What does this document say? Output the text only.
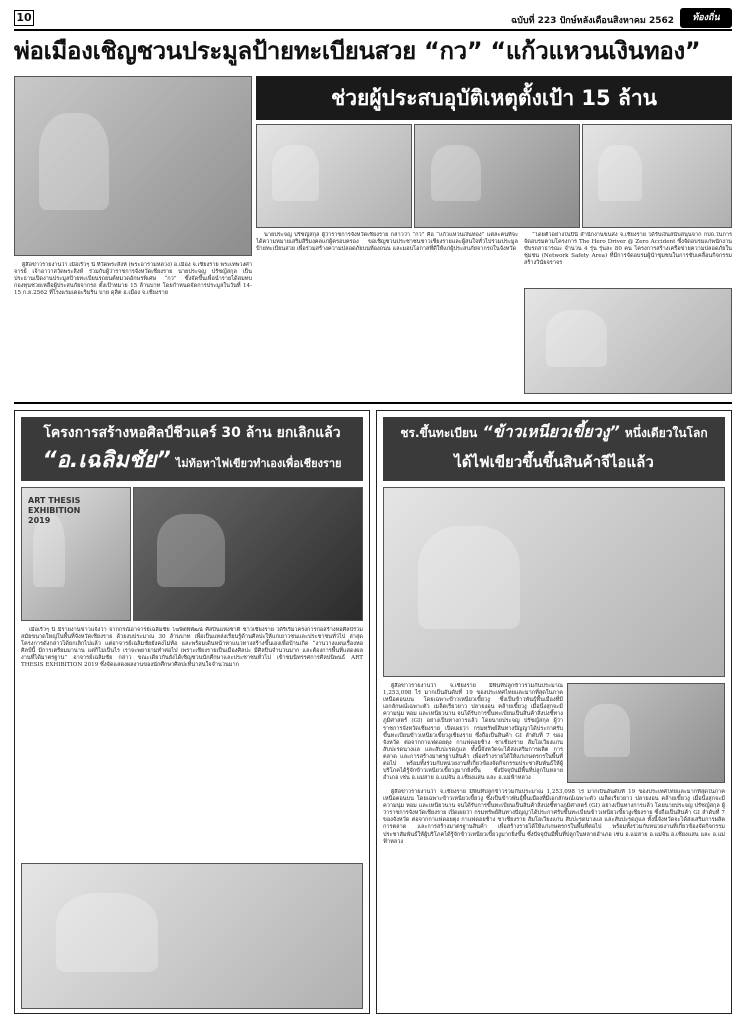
10	ฉบับที่ 223 ปักษ์หลังเดือนสิงหาคม 2562	ท้องถิ่น
พ่อเมืองเชิญชวนประมูลป้ายทะเบียนสวย “กว” “แก้วแหวนเงินทอง”
ช่วยผู้ประสบอุบัติเหตุตั้งเป้า 15 ล้าน

ผู้สื่อข่าวรายงานว่า เมื่อเร็วๆ นี้ ที่วัดพระสิงห์ (พระอารามหลวง) อ.เมือง จ.เชียงราย พระเทพวงศาจารย์ เจ้าอาวาสวัดพระสิงห์ ร่วมกับผู้ว่าราชการจังหวัดเชียงราย นายประจญ ปรัชญ์สกุล เป็นประธานเปิดงานประมูลป้ายทะเบียนรถยนต์หมวดอักษรพิเศษ “กว” ซึ่งจัดขึ้นเพื่อนำรายได้สมทบกองทุนช่วยเหลือผู้ประสบภัยจากรถ ตั้งเป้าหมาย 15 ล้านบาท โดยกำหนดจัดการประมูลในวันที่ 14-15 ก.ย.2562 ที่โรงแรมเดอะริมริน บาย ดุสิต อ.เมือง จ.เชียงราย

นายประจญ ปรัชญ์สกุล ผู้ว่าราชการจังหวัดเชียงราย กล่าวว่า “กว” คือ “แก้วแหวนเงินทอง” แต่ละคนที่จะได้ความหมายเสริมสิริมงคลแก่ผู้ครอบครอง ขอเชิญชวนประชาชนชาวเชียงรายและผู้สนใจทั่วไปร่วมประมูลป้ายทะเบียนสวย เพื่อร่วมสร้างความปลอดภัยบนท้องถนน และมอบโอกาสที่ดีให้แก่ผู้ประสบภัยจากรถในจังหวัด

“โดยตัวอย่างในปีนี้ สำนักงานขนส่ง จ.เชียงราย ได้รับเงินสนับสนุนจาก กปถ.ในการจัดอบรมตามโครงการ The Hero Driver @ Zero Accident ซึ่งจัดอบรมแก่พนักงานขับรถสาธารณะ จำนวน 4 รุ่น รุ่นละ 80 คน โครงการสร้างเครือข่ายความปลอดภัยในชุมชน (Network Safety Area) ที่มีการจัดอบรมผู้นำชุมชนในการขับเคลื่อนกิจกรรมสร้างวินัยจราจร

โครงการสร้างหอศิลป์ชีวแคร์ 30 ล้าน ยกเลิกแล้ว
“อ.เฉลิมชัย” ไม่ท้อหาไฟเขียวทำเองเพื่อเชียงราย
ART THESIS EXHIBITION 2019

เมื่อเร็วๆ นี้ มีรายงานข่าวแจ้งว่า จากกรณีอาจารย์เฉลิมชัย โฆษิตพิพัฒน์ ศิลปินแห่งชาติ ชาวเชียงราย ได้ริเริ่มโครงการก่อสร้างหอศิลป์ร่วมสมัยขนาดใหญ่ในพื้นที่จังหวัดเชียงราย ด้วยงบประมาณ 30 ล้านบาท เพื่อเป็นแหล่งเรียนรู้ด้านศิลปะให้แก่เยาวชนและประชาชนทั่วไป ล่าสุดโครงการดังกล่าวได้ยกเลิกไปแล้ว แต่อาจารย์เฉลิมชัยยังคงไม่ท้อ และพร้อมเดินหน้าหาแนวทางสร้างขึ้นเองเพื่อบ้านเกิด “งานวางแผนเรื่องหอศิลป์นี้ มีการเตรียมมานาน แต่ก็ไม่เป็นไร เราจะพยายามทำต่อไป เพราะเชียงรายเป็นเมืองศิลปะ มีศิลปินจำนวนมาก และต้องการพื้นที่แสดงผลงานที่ได้มาตรฐาน” อาจารย์เฉลิมชัย กล่าว ขณะเดียวกันยังได้เชิญชวนนักศึกษาและประชาชนทั่วไป เข้าชมนิทรรศการศิลปนิพนธ์ ART THESIS EXHIBITION 2019 ซึ่งจัดแสดงผลงานของนักศึกษาศิลปะที่น่าสนใจจำนวนมาก

ชร.ขึ้นทะเบียน “ข้าวเหนียวเขี้ยวงู” หนึ่งเดียวในโลก
ได้ไฟเขียวขึ้นขึ้นสินค้าจีไอแล้ว

ผู้สื่อข่าวรายงานว่า จ.เชียงราย มีพื้นที่ปลูกข้าวรวมกันประมาณ 1,253,098 ไร่ มากเป็นอันดับที่ 19 ของประเทศไทยและมากที่สุดในภาคเหนือตอนบน โดยเฉพาะข้าวเหนียวเขี้ยวงู ซึ่งเป็นข้าวพันธุ์พื้นเมืองที่มีเอกลักษณ์เฉพาะตัว เมล็ดเรียวยาว ปลายงอน คล้ายเขี้ยวงู เมื่อนึ่งสุกจะมีความนุ่ม หอม และเหนียวนาน จนได้รับการขึ้นทะเบียนเป็นสินค้าสิ่งบ่งชี้ทางภูมิศาสตร์ (GI) อย่างเป็นทางการแล้ว โดยนายประจญ ปรัชญ์สกุล ผู้ว่าราชการจังหวัดเชียงราย เปิดเผยว่า กรมทรัพย์สินทางปัญญาได้ประกาศรับขึ้นทะเบียนข้าวเหนียวเขี้ยวงูเชียงราย ซึ่งถือเป็นสินค้า GI ลำดับที่ 7 ของจังหวัด ต่อจากกาแฟดอยตุง กาแฟดอยช้าง ชาเชียงราย ส้มโอเวียงแก่น สับปะรดนางแล และสับปะรดภูแล ทั้งนี้จังหวัดจะได้ส่งเสริมการผลิต การตลาด และการสร้างมาตรฐานสินค้า เพื่อสร้างรายได้ให้แก่เกษตรกรในพื้นที่ต่อไป พร้อมทั้งร่วมกับหน่วยงานที่เกี่ยวข้องจัดกิจกรรมประชาสัมพันธ์ให้ผู้บริโภคได้รู้จักข้าวเหนียวเขี้ยวงูมากยิ่งขึ้น ซึ่งปัจจุบันมีพื้นที่ปลูกในหลายอำเภอ เช่น อ.แม่สาย อ.แม่จัน อ.เชียงแสน และ อ.แม่ฟ้าหลวง

ผู้สื่อข่าวรายงานว่า จ.เชียงราย มีพื้นที่ปลูกข้าวรวมกันประมาณ 1,253,098 ไร่ มากเป็นอันดับที่ 19 ของประเทศไทยและมากที่สุดในภาคเหนือตอนบน โดยเฉพาะข้าวเหนียวเขี้ยวงู ซึ่งเป็นข้าวพันธุ์พื้นเมืองที่มีเอกลักษณ์เฉพาะตัว เมล็ดเรียวยาว ปลายงอน คล้ายเขี้ยวงู เมื่อนึ่งสุกจะมีความนุ่ม หอม และเหนียวนาน จนได้รับการขึ้นทะเบียนเป็นสินค้าสิ่งบ่งชี้ทางภูมิศาสตร์ (GI) อย่างเป็นทางการแล้ว โดยนายประจญ ปรัชญ์สกุล ผู้ว่าราชการจังหวัดเชียงราย เปิดเผยว่า กรมทรัพย์สินทางปัญญาได้ประกาศรับขึ้นทะเบียนข้าวเหนียวเขี้ยวงูเชียงราย ซึ่งถือเป็นสินค้า GI ลำดับที่ 7 ของจังหวัด ต่อจากกาแฟดอยตุง กาแฟดอยช้าง ชาเชียงราย ส้มโอเวียงแก่น สับปะรดนางแล และสับปะรดภูแล ทั้งนี้จังหวัดจะได้ส่งเสริมการผลิต การตลาด และการสร้างมาตรฐานสินค้า เพื่อสร้างรายได้ให้แก่เกษตรกรในพื้นที่ต่อไป พร้อมทั้งร่วมกับหน่วยงานที่เกี่ยวข้องจัดกิจกรรมประชาสัมพันธ์ให้ผู้บริโภคได้รู้จักข้าวเหนียวเขี้ยวงูมากยิ่งขึ้น ซึ่งปัจจุบันมีพื้นที่ปลูกในหลายอำเภอ เช่น อ.แม่สาย อ.แม่จัน อ.เชียงแสน และ อ.แม่ฟ้าหลวง
